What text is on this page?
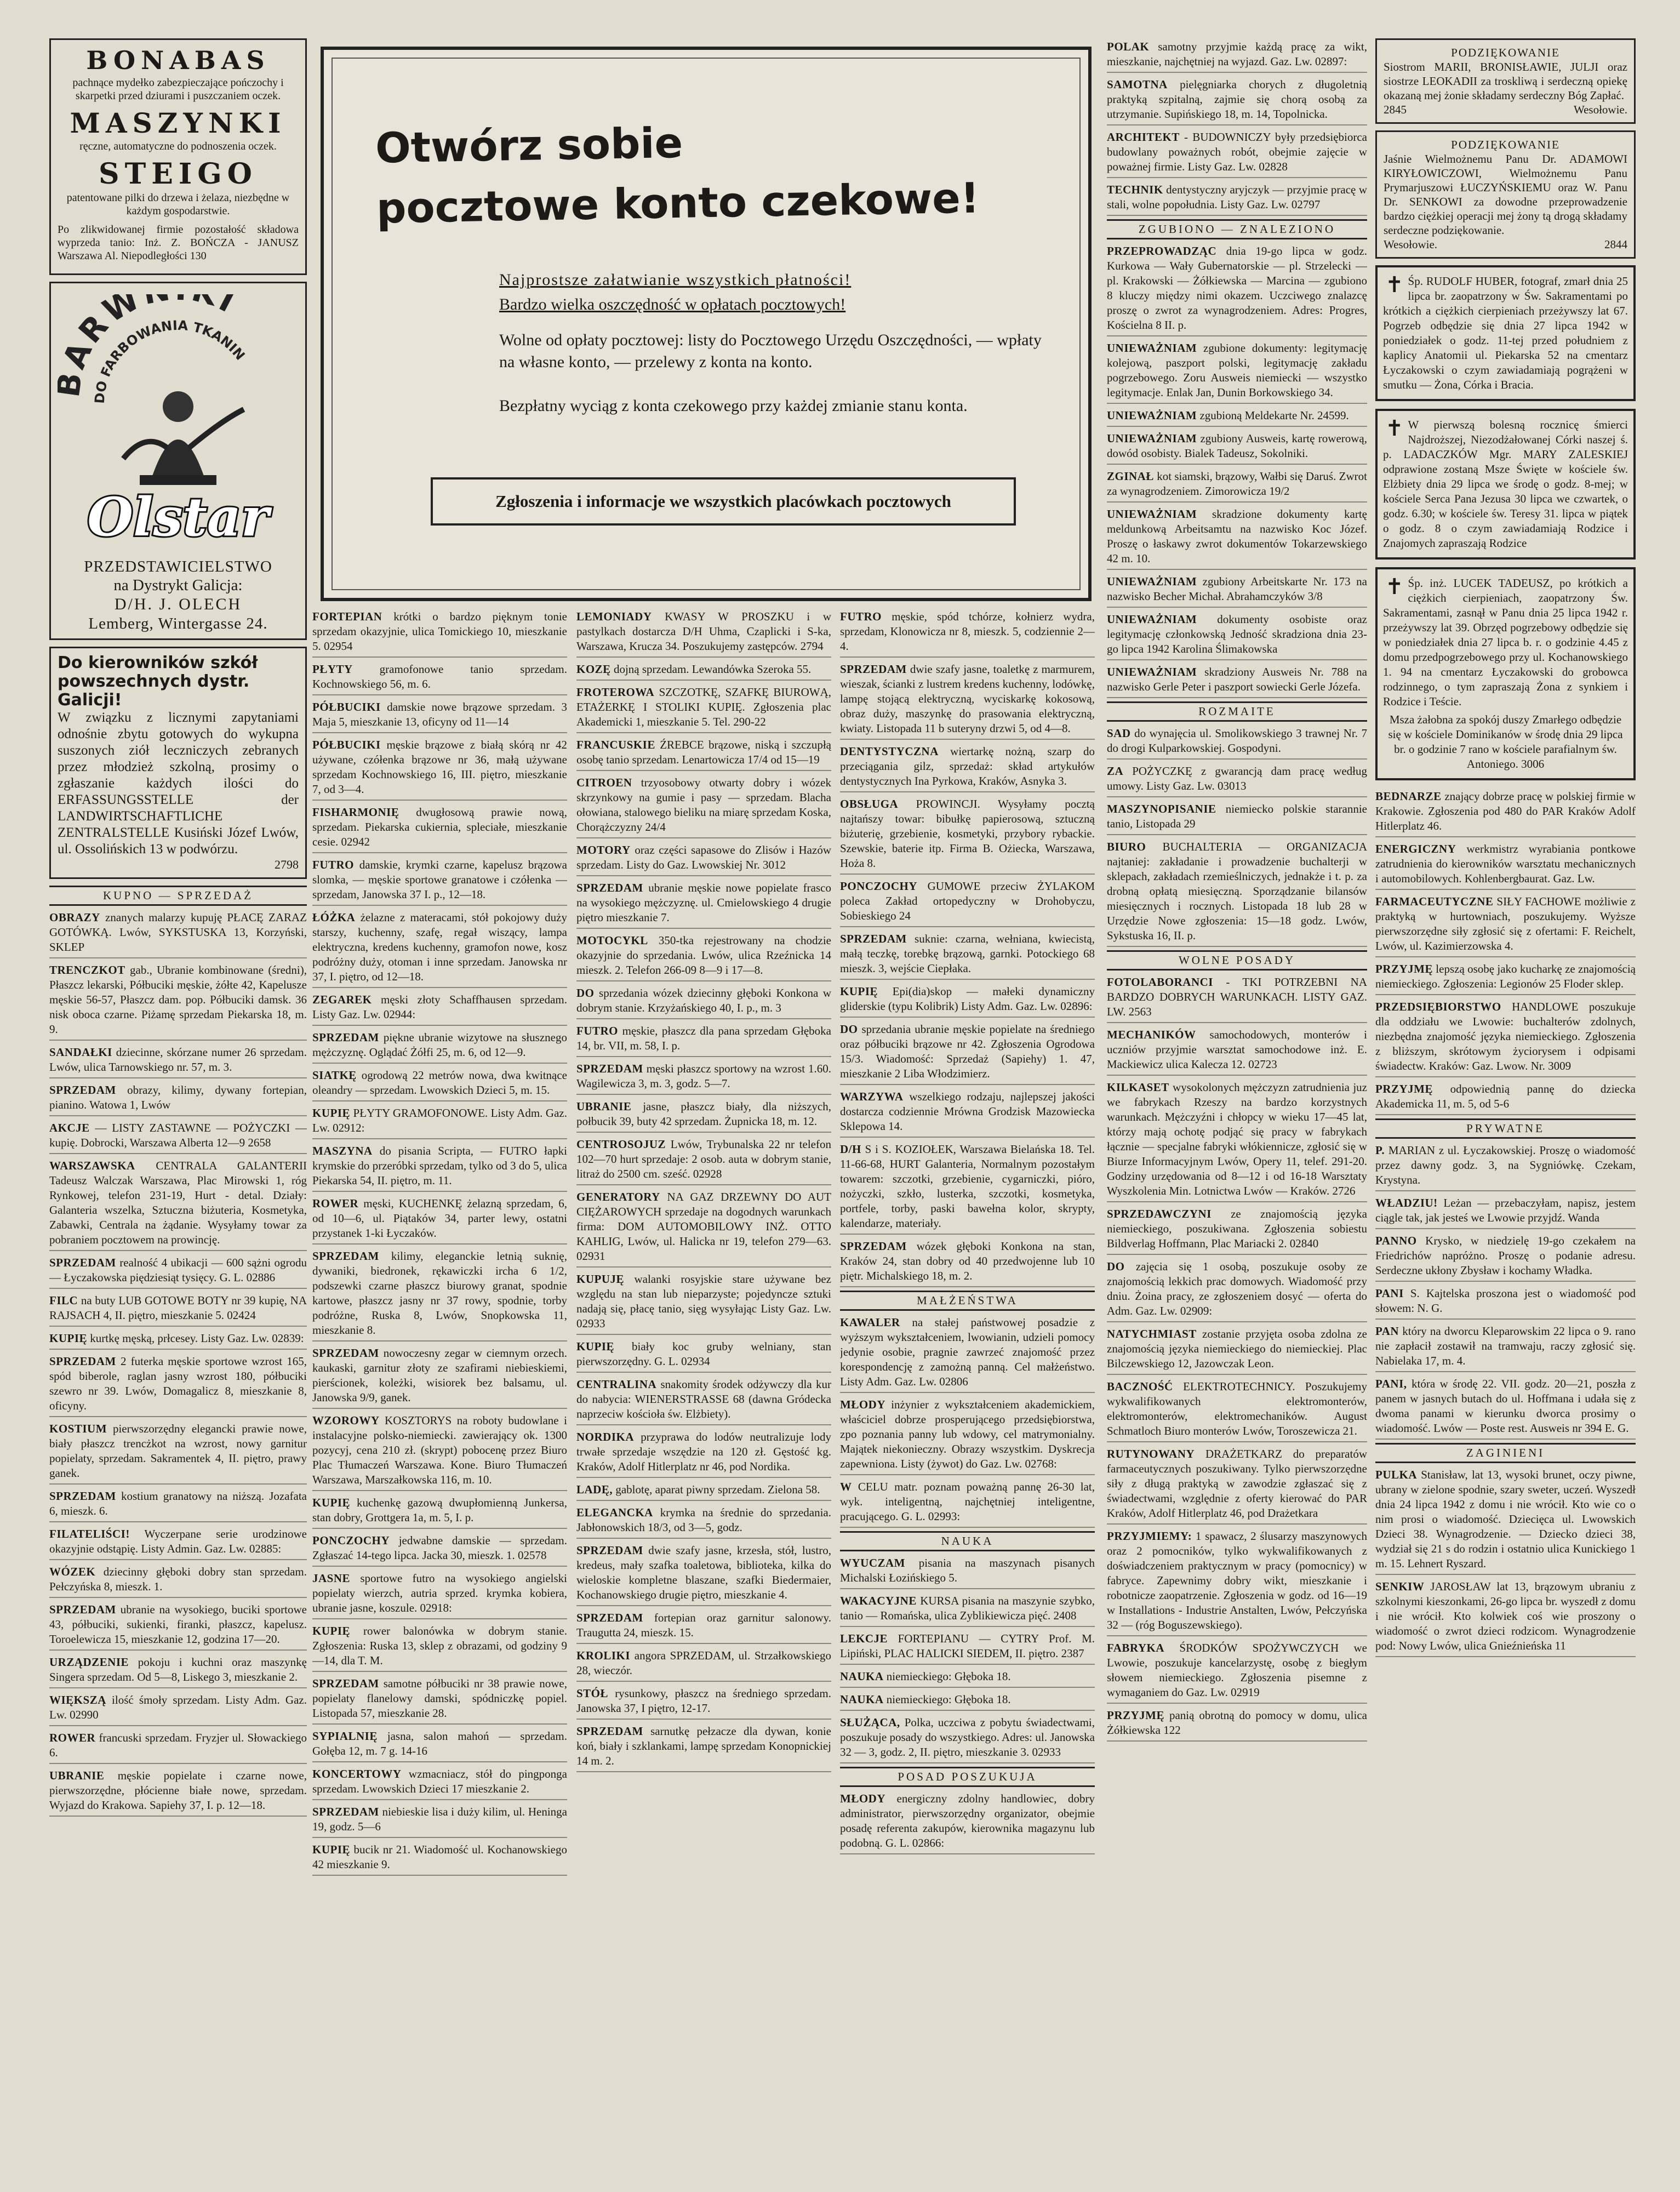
BONABAS
pachnące mydełko zabezpieczające pończochy i skarpetki przed dziurami i puszczaniem oczek.
MASZYNKI
ręczne, automatyczne do podnoszenia oczek.
STEIGO
patentowane pilki do drzewa i żelaza, niezbędne w każdym gospodarstwie.
Po zlikwidowanej firmie pozostałość składowa wyprzeda tanio: Inż. Z. BOŃCZA - JANUSZ Warszawa Al. Niepodległości 130
ARW I
DO FARBOWANIA TKANIN
Olstar
PRZEDSTAWICIELSTWO
na Dystrykt Galicja:
D/H. J. OLECH
Lemberg, Wintergasse 24.
Do kierowników szkół powszechnych dystr. Galicji!
W związku z licznymi zapytaniami odnośnie zbytu gotowych do wykupna suszonych ziół leczniczych zebranych przez młodzież szkolną, prosimy o zgłaszanie każdych ilości do ERFASSUNGSSTELLE der LANDWIRTSCHAFTLICHE ZENTRALSTELLE Kusiński Józef Lwów, ul. Ossolińskich 13 w podwórzu.
2798
KUPNO — SPRZEDAŻ
OBRAZY znanych malarzy kupuję PŁACĘ ZARAZ GOTÓWKĄ. Lwów, SYKSTUSKA 13, Korzyński, SKLEP
TRENCZKOT gab., Ubranie kombinowane (średni), Płaszcz lekarski, Półbuciki męskie, żółte 42, Kapelusze męskie 56-57, Płaszcz dam. pop. Półbuciki damsk. 36 nisk oboca czarne. Piżamę sprzedam Piekarska 18, m. 9.
SANDAŁKI dziecinne, skórzane numer 26 sprzedam. Lwów, ulica Tarnowskiego nr. 57, m. 3.
SPRZEDAM obrazy, kilimy, dywany fortepian, pianino. Watowa 1, Lwów
AKCJE — LISTY ZASTAWNE — POŻYCZKI — kupię. Dobrocki, Warszawa Alberta 12—9 2658
WARSZAWSKA CENTRALA GALANTERII Tadeusz Walczak Warszawa, Plac Mirowski 1, róg Rynkowej, telefon 231-19, Hurt - detal. Działy: Galanteria wszelka, Sztuczna biżuteria, Kosmetyka, Zabawki, Centrala na żądanie. Wysyłamy towar za pobraniem pocztowem na prowincję.
SPRZEDAM realność 4 ubikacji — 600 sążni ogrodu — Łyczakowska piędziesiąt tysięcy. G. L. 02886
FILC na buty LUB GOTOWE BOTY nr 39 kupię, NA RAJSACH 4, II. piętro, mieszkanie 5. 02424
KUPIĘ kurtkę męską, prłcesey. Listy Gaz. Lw. 02839:
SPRZEDAM 2 futerka męskie sportowe wzrost 165, spód biberole, raglan jasny wzrost 180, półbuciki szewro nr 39. Lwów, Domagalicz 8, mieszkanie 8, oficyny.
KOSTIUM pierwszorzędny elegancki prawie nowe, biały płaszcz trencżkot na wzrost, nowy garnitur popielaty, sprzedam. Sakramentek 4, II. piętro, prawy ganek.
SPRZEDAM kostium granatowy na niższą. Jozafata 6, mieszk. 6.
FILATELIŚCI! Wyczerpane serie urodzinowe okazyjnie odstąpię. Listy Admin. Gaz. Lw. 02885:
WÓZEK dziecinny głęboki dobry stan sprzedam. Pełczyńska 8, mieszk. 1.
SPRZEDAM ubranie na wysokiego, buciki sportowe 43, półbuciki, sukienki, firanki, płaszcz, kapelusz. Toroelewicza 15, mieszkanie 12, godzina 17—20.
URZĄDZENIE pokoju i kuchni oraz maszynkę Singera sprzedam. Od 5—8, Liskego 3, mieszkanie 2.
WIĘKSZĄ ilość śmoły sprzedam. Listy Adm. Gaz. Lw. 02990
ROWER francuski sprzedam. Fryzjer ul. Słowackiego 6.
UBRANIE męskie popielate i czarne nowe, pierwszorzędne, płócienne białe nowe, sprzedam. Wyjazd do Krakowa. Sapiehy 37, I. p. 12—18.
Otwórz sobie
pocztowe konto czekowe!
Najprostsze załatwianie wszystkich płatności!
Bardzo wielka oszczędność w opłatach pocztowych!
Wolne od opłaty pocztowej: listy do Pocztowego Urzędu Oszczędności, — wpłaty na własne konto, — przelewy z konta na konto.
Bezpłatny wyciąg z konta czekowego przy każdej zmianie stanu konta.
Zgłoszenia i informacje we wszystkich placówkach pocztowych
FORTEPIAN krótki o bardzo pięknym tonie sprzedam okazyjnie, ulica Tomickiego 10, mieszkanie 5. 02954
PŁYTY gramofonowe tanio sprzedam. Kochnowskiego 56, m. 6.
PÓŁBUCIKI damskie nowe brązowe sprzedam. 3 Maja 5, mieszkanie 13, oficyny od 11—14
PÓŁBUCIKI męskie brązowe z białą skórą nr 42 używane, czółenka brązowe nr 36, małą używane sprzedam Kochnowskiego 16, III. piętro, mieszkanie 7, od 3—4.
FISHARMONIĘ dwugłosową prawie nową, sprzedam. Piekarska cukiernia, spleciałe, mieszkanie cesie. 02942
FUTRO damskie, krymki czarne, kapelusz brązowa slomka, — męskie sportowe granatowe i czółenka — sprzedam, Janowska 37 I. p., 12—18.
ŁÓŻKA żelazne z materacami, stół pokojowy duży starszy, kuchenny, szafę, regał wiszący, lampa elektryczna, kredens kuchenny, gramofon nowe, kosz podróżny duży, otoman i inne sprzedam. Janowska nr 37, I. piętro, od 12—18.
ZEGAREK męski złoty Schaffhausen sprzedam. Listy Gaz. Lw. 02944:
SPRZEDAM piękne ubranie wizytowe na słusznego mężczyznę. Oglądać Żółfi 25, m. 6, od 12—9.
SIATKĘ ogrodową 22 metrów nowa, dwa kwitnące oleandry — sprzedam. Lwowskich Dzieci 5, m. 15.
KUPIĘ PŁYTY GRAMOFONOWE. Listy Adm. Gaz. Lw. 02912:
MASZYNA do pisania Scripta, — FUTRO łapki krymskie do przeróbki sprzedam, tylko od 3 do 5, ulica Piekarska 54, II. piętro, m. 11.
ROWER męski, KUCHENKĘ żelazną sprzedam, 6, od 10—6, ul. Piątaków 34, parter lewy, ostatni przystanek 1-ki Łyczaków.
SPRZEDAM kilimy, eleganckie letnią suknię, dywaniki, biedronek, rękawiczki ircha 6 1/2, podszewki czarne płaszcz biurowy granat, spodnie kartowe, płaszcz jasny nr 37 rowy, spodnie, torby podróżne, Ruska 8, Lwów, Snopkowska 11, mieszkanie 8.
SPRZEDAM nowoczesny zegar w ciemnym orzech. kaukaski, garnitur złoty ze szafirami niebieskiemi, pierścionek, koleżki, wisiorek bez balsamu, ul. Janowska 9/9, ganek.
WZOROWY KOSZTORYS na roboty budowlane i instalacyjne polsko-niemiecki. zawierający ok. 1300 pozycyj, cena 210 zł. (skrypt) pobocenę przez Biuro Plac Tłumaczeń Warszawa. Kone. Biuro Tłumaczeń Warszawa, Marszałkowska 116, m. 10.
KUPIĘ kuchenkę gazową dwupłomienną Junkersa, stan dobry, Grottgera 1a, m. 5, I. p.
PONCZOCHY jedwabne damskie — sprzedam. Zgłaszać 14-tego lipca. Jacka 30, mieszk. 1. 02578
JASNE sportowe futro na wysokiego angielski popielaty wierzch, autria sprzed. krymka kobiera, ubranie jasne, koszule. 02918:
KUPIĘ rower balonówka w dobrym stanie. Zgłoszenia: Ruska 13, sklep z obrazami, od godziny 9—14, dla T. M.
SPRZEDAM samotne półbuciki nr 38 prawie nowe, popielaty flanelowy damski, spódniczkę popiel. Listopada 57, mieszkanie 28.
SYPIALNIĘ jasna, salon mahoń — sprzedam. Gołęba 12, m. 7 g. 14-16
KONCERTOWY wzmacniacz, stół do pingponga sprzedam. Lwowskich Dzieci 17 mieszkanie 2.
SPRZEDAM niebieskie lisa i duży kilim, ul. Heninga 19, godz. 5—6
KUPIĘ bucik nr 21. Wiadomość ul. Kochanowskiego 42 mieszkanie 9.
LEMONIADY KWASY W PROSZKU i w pastylkach dostarcza D/H Uhma, Czaplicki i S-ka, Warszawa, Krucza 34. Poszukujemy zastępców. 2794
KOZĘ dojną sprzedam. Lewandówka Szeroka 55.
FROTEROWA SZCZOTKĘ, SZAFKĘ BIUROWĄ, ETAŻERKĘ I STOLIKI KUPIĘ. Zgłoszenia plac Akademicki 1, mieszkanie 5. Tel. 290-22
FRANCUSKIE ŹREBCE brązowe, niską i szczupłą osobę tanio sprzedam. Lenartowicza 17/4 od 15—19
CITROEN trzyosobowy otwarty dobry i wózek skrzynkowy na gumie i pasy — sprzedam. Blacha ołowiana, stalowego bieliku na miarę sprzedam Koska, Chorążczyzny 24/4
MOTORY oraz części sapasowe do Zlisów i Hazów sprzedam. Listy do Gaz. Lwowskiej Nr. 3012
SPRZEDAM ubranie męskie nowe popielate frasco na wysokiego mężczyznę. ul. Cmielowskiego 4 drugie piętro mieszkanie 7.
MOTOCYKL 350-tka rejestrowany na chodzie okazyjnie do sprzedania. Lwów, ulica Rzeźnicka 14 mieszk. 2. Telefon 266-09 8—9 i 17—8.
DO sprzedania wózek dziecinny głęboki Konkona w dobrym stanie. Krzyżańskiego 40, I. p., m. 3
FUTRO męskie, płaszcz dla pana sprzedam Głęboka 14, br. VII, m. 58, I. p.
SPRZEDAM męski płaszcz sportowy na wzrost 1.60. Wagilewicza 3, m. 3, godz. 5—7.
UBRANIE jasne, płaszcz biały, dla niższych, połbucik 39, buty 42 sprzedam. Żupnicka 18, m. 12.
CENTROSOJUZ Lwów, Trybunalska 22 nr telefon 102—70 hurt sprzedaje: 2 osob. auta w dobrym stanie, litraż do 2500 cm. sześć. 02928
GENERATORY NA GAZ DRZEWNY DO AUT CIĘŻAROWYCH sprzedaje na dogodnych warunkach firma: DOM AUTOMOBILOWY INŻ. OTTO KAHLIG, Lwów, ul. Halicka nr 19, telefon 279—63. 02931
KUPUJĘ walanki rosyjskie stare używane bez względu na stan lub nieparzyste; pojedyncze sztuki nadają się, płacę tanio, sięg wysyłając Listy Gaz. Lw. 02933
KUPIĘ biały koc gruby welniany, stan pierwszorzędny. G. L. 02934
CENTRALINA snakomity środek odżywczy dla kur do nabycia: WIENERSTRASSE 68 (dawna Gródecka naprzeciw kościoła św. Elżbiety).
NORDIKA przyprawa do lodów neutralizuje lody trwałe sprzedaje wszędzie na 120 zł. Gęstość kg. Kraków, Adolf Hitlerplatz nr 46, pod Nordika.
LADĘ, gablotę, aparat piwny sprzedam. Zielona 58.
ELEGANCKA krymka na średnie do sprzedania. Jabłonowskich 18/3, od 3—5, godz.
SPRZEDAM dwie szafy jasne, krzesła, stół, lustro, kredeus, mały szafka toaletowa, biblioteka, kilka do wieloskie kompletne blaszane, szafki Biedermaier, Kochanowskiego drugie piętro, mieszkanie 4.
SPRZEDAM fortepian oraz garnitur salonowy. Traugutta 24, mieszk. 15.
KROLIKI angora SPRZEDAM, ul. Strzałkowskiego 28, wieczór.
STÓŁ rysunkowy, płaszcz na średniego sprzedam. Janowska 37, I piętro, 12-17.
SPRZEDAM sarnutkę pełzacze dla dywan, konie koń, biały i szklankami, lampę sprzedam Konopnickiej 14 m. 2.
FUTRO męskie, spód tchórze, kołnierz wydra, sprzedam, Klonowicza nr 8, mieszk. 5, codziennie 2—4.
SPRZEDAM dwie szafy jasne, toaletkę z marmurem, wieszak, ścianki z lustrem kredens kuchenny, lodówkę, lampę stojącą elektryczną, wyciskarkę kokosową, obraz duży, maszynkę do prasowania elektryczną, kwiaty. Listopada 11 b suteryny drzwi 5, od 4—8.
DENTYSTYCZNA wiertarkę nożną, szarp do przeciągania gilz, sprzedaż: skład artykułów dentystycznych Ina Pyrkowa, Kraków, Asnyka 3.
OBSŁUGA PROWINCJI. Wysyłamy pocztą najtańszy towar: bibułkę papierosową, sztuczną biżuterię, grzebienie, kosmetyki, przybory rybackie. Szewskie, baterie itp. Firma B. Ożiecka, Warszawa, Hoża 8.
PONCZOCHY GUMOWE przeciw ŻYLAKOM poleca Zakład ortopedyczny w Drohobyczu, Sobieskiego 24
SPRZEDAM suknie: czarna, wełniana, kwiecistą, małą teczkę, torebkę brązową, garnki. Potockiego 68 mieszk. 3, wejście Ciepłaka.
KUPIĘ Epi(dia)skop — małeki dynamiczny gliderskie (typu Kolibrik) Listy Adm. Gaz. Lw. 02896:
DO sprzedania ubranie męskie popielate na średniego oraz półbuciki brązowe nr 42. Zgłoszenia Ogrodowa 15/3. Wiadomość: Sprzedaż (Sapiehy) 1. 47, mieszkanie 2 Liba Włodzimierz.
WARZYWA wszelkiego rodzaju, najlepszej jakości dostarcza codziennie Mrówna Grodzisk Mazowiecka Sklepowa 14.
D/H S i S. KOZIOŁEK, Warszawa Bielańska 18. Tel. 11-66-68, HURT Galanteria, Normalnym pozostałym towarem: szczotki, grzebienie, cygarniczki, pióro, nożyczki, szkło, lusterka, szczotki, kosmetyka, portfele, torby, paski bawełna kolor, skrypty, kalendarze, materiały.
SPRZEDAM wózek głęboki Konkona na stan, Kraków 24, stan dobry od 40 przedwojenne lub 10 piętr. Michalskiego 18, m. 2.
MAŁŻEŃSTWA
KAWALER na stałej państwowej posadzie z wyższym wykształceniem, lwowianin, udzieli pomocy jedynie osobie, pragnie zawrzeć znajomość przez korespondencję z zamożną panną. Cel małżeństwo. Listy Adm. Gaz. Lw. 02806
MŁODY inżynier z wykształceniem akademickiem, właściciel dobrze prosperującego przedsiębiorstwa, zpo poznania panny lub wdowy, cel matrymonialny. Majątek niekonieczny. Obrazy wszystkim. Dyskrecja zapewniona. Listy (żywot) do Gaz. Lw. 02768:
W CELU matr. poznam poważną pannę 26-30 lat, wyk. inteligentną, najchętniej inteligentne, pracującego. G. L. 02993:
NAUKA
WYUCZAM pisania na maszynach pisanych Michalski Łozińskiego 5.
WAKACYJNE KURSA pisania na maszynie szybko, tanio — Romańska, ulica Zyblikiewicza pięć. 2408
LEKCJE FORTEPIANU — CYTRY Prof. M. Lipiński, PLAC HALICKI SIEDEM, II. piętro. 2387
NAUKA niemieckiego: Głęboka 18.
NAUKA niemieckiego: Głęboka 18.
SŁUŻĄCA, Polka, uczciwa z pobytu świadectwami, poszukuje posady do wszystkiego. Adres: ul. Janowska 32 — 3, godz. 2, II. piętro, mieszkanie 3. 02933
POSAD POSZUKUJA
MŁODY energiczny zdolny handlowiec, dobry administrator, pierwszorzędny organizator, obejmie posadę referenta zakupów, kierownika magazynu lub podobną. G. L. 02866:
POLAK samotny przyjmie każdą pracę za wikt, mieszkanie, najchętniej na wyjazd. Gaz. Lw. 02897:
SAMOTNA pielęgniarka chorych z długoletnią praktyką szpitalną, zajmie się chorą osobą za utrzymanie. Supińskiego 18, m. 14, Topolnicka.
ARCHITEKT - BUDOWNICZY były przedsiębiorca budowlany poważnych robót, obejmie zajęcie w poważnej firmie. Listy Gaz. Lw. 02828
TECHNIK dentystyczny aryjczyk — przyjmie pracę w stali, wolne popołudnia. Listy Gaz. Lw. 02797
ZGUBIONO — ZNALEZIONO
PRZEPROWADZĄC dnia 19-go lipca w godz. Kurkowa — Wały Gubernatorskie — pl. Strzelecki — pl. Krakowski — Żółkiewska — Marcina — zgubiono 8 kluczy między nimi okazem. Uczciwego znalazcę proszę o zwrot za wynagrodzeniem. Adres: Progres, Kościelna 8 II. p.
UNIEWAŻNIAM zgubione dokumenty: legitymację kolejową, paszport polski, legitymację zakładu pogrzebowego. Zoru Ausweis niemiecki — wszystko legitymacje. Enlak Jan, Dunin Borkowskiego 34.
UNIEWAŻNIAM zgubioną Meldekarte Nr. 24599.
UNIEWAŻNIAM zgubiony Ausweis, kartę rowerową, dowód osobisty. Bialek Tadeusz, Sokolniki.
ZGINAŁ kot siamski, brązowy, Wałbi się Daruś. Zwrot za wynagrodzeniem. Zimorowicza 19/2
UNIEWAŻNIAM skradzione dokumenty kartę meldunkową Arbeitsamtu na nazwisko Koc Józef. Proszę o łaskawy zwrot dokumentów Tokarzewskiego 42 m. 10.
UNIEWAŻNIAM zgubiony Arbeitskarte Nr. 173 na nazwisko Becher Michał. Abrahamczyków 3/8
UNIEWAŻNIAM dokumenty osobiste oraz legitymację członkowską Jedność skradziona dnia 23-go lipca 1942 Karolina Ślimakowska
UNIEWAŻNIAM skradziony Ausweis Nr. 788 na nazwisko Gerle Peter i paszport sowiecki Gerle Józefa.
ROZMAITE
SAD do wynajęcia ul. Smolikowskiego 3 trawnej Nr. 7 do drogi Kulparkowskiej. Gospodyni.
ZA POŻYCZKĘ z gwarancją dam pracę według umowy. Listy Gaz. Lw. 03013
MASZYNOPISANIE niemiecko polskie starannie tanio, Listopada 29
BIURO BUCHALTERIA — ORGANIZACJA najtaniej: zakładanie i prowadzenie buchalterji w sklepach, zakładach rzemieślniczych, jednakże i t. p. za drobną opłatą miesięczną. Sporządzanie bilansów miesięcznych i rocznych. Listopada 18 lub 28 w Urzędzie Nowe zgłoszenia: 15—18 godz. Lwów, Sykstuska 16, II. p.
WOLNE POSADY
FOTOLABORANCI - TKI POTRZEBNI NA BARDZO DOBRYCH WARUNKACH. LISTY GAZ. LW. 2563
MECHANIKÓW samochodowych, monterów i uczniów przyjmie warsztat samochodowe inż. E. Mackiewicz ulica Kalecza 12. 02723
KILKASET wysokolonych mężczyzn zatrudnienia juz we fabrykach Rzeszy na bardzo korzystnych warunkach. Mężczyźni i chłopcy w wieku 17—45 lat, którzy mają ochotę podjąć się pracy w fabrykach łącznie — specjalne fabryki włókiennicze, zgłosić się w Biurze Informacyjnym Lwów, Opery 11, telef. 291-20. Godziny urzędowania od 8—12 i od 16-18 Warsztaty Wyszkolenia Min. Lotnictwa Lwów — Kraków. 2726
SPRZEDAWCZYNI ze znajomością języka niemieckiego, poszukiwana. Zgłoszenia sobiestu Bildverlag Hoffmann, Plac Mariacki 2. 02840
DO zajęcia się 1 osobą, poszukuje osoby ze znajomością lekkich prac domowych. Wiadomość przy dniu. Żoina pracy, ze zgłoszeniem dosyć — oferta do Adm. Gaz. Lw. 02909:
NATYCHMIAST zostanie przyjęta osoba zdolna ze znajomością języka niemieckiego do niemieckiej. Plac Bilczewskiego 12, Jazowczak Leon.
BACZNOŚĆ ELEKTROTECHNICY. Poszukujemy wykwalifikowanych elektromonterów, elektromonterów, elektromechaników. August Schmatloch Biuro monterów Lwów, Toroszewicza 21.
RUTYNOWANY DRAŻETKARZ do preparatów farmaceutycznych poszukiwany. Tylko pierwszorzędne siły z długą praktyką w zawodzie zgłaszać się z świadectwami, względnie z oferty kierować do PAR Kraków, Adolf Hitlerplatz 46, pod Drażetkara
PRZYJMIEMY: 1 spawacz, 2 ślusarzy maszynowych oraz 2 pomocników, tylko wykwalifikowanych z doświadczeniem praktycznym w pracy (pomocnicy) w fabryce. Zapewnimy dobry wikt, mieszkanie i robotnicze zaopatrzenie. Zgłoszenia w godz. od 16—19 w Installations - Industrie Anstalten, Lwów, Pełczyńska 32 — (róg Boguszewskiego).
FABRYKA ŚRODKÓW SPOŻYWCZYCH we Lwowie, poszukuje kancelarzystę, osobę z biegłym słowem niemieckiego. Zgłoszenia pisemne z wymaganiem do Gaz. Lw. 02919
PRZYJMĘ panią obrotną do pomocy w domu, ulica Żółkiewska 122
PODZIĘKOWANIE
Siostrom MARII, BRONISŁAWIE, JULJI oraz siostrze LEOKADII za troskliwą i serdeczną opiekę okazaną mej żonie składamy serdeczny Bóg Zapłać.
2845	Wesołowie.
PODZIĘKOWANIE
Jaśnie Wielmożnemu Panu Dr. ADAMOWI KIRYŁOWICZOWI, Wielmożnemu Panu Prymarjuszowi ŁUCZYŃSKIEMU oraz W. Panu Dr. SENKOWI za dowodne przeprowadzenie bardzo ciężkiej operacji mej żony tą drogą składamy serdeczne podziękowanie.
Wesołowie.	2844
✝ Śp. RUDOLF HUBER, fotograf, zmarł dnia 25 lipca br. zaopatrzony w Św. Sakramentami po krótkich a ciężkich cierpieniach przeżywszy lat 67. Pogrzeb odbędzie się dnia 27 lipca 1942 w poniedziałek o godz. 11-tej przed południem z kaplicy Anatomii ul. Piekarska 52 na cmentarz Łyczakowski o czym zawiadamiają pogrążeni w smutku — Żona, Córka i Bracia.
✝ W pierwszą bolesną rocznicę śmierci Najdroższej, Niezodżałowanej Córki naszej ś. p. LADACZKÓW Mgr. MARY ZALESKIEJ odprawione zostaną Msze Święte w kościele św. Elżbiety dnia 29 lipca we środę o godz. 8-mej; w kościele Serca Pana Jezusa 30 lipca we czwartek, o godz. 6.30; w kościele św. Teresy 31. lipca w piątek o godz. 8 o czym zawiadamiają Rodzice i Znajomych zapraszają Rodzice
✝ Śp. inż. LUCEK TADEUSZ, po krótkich a ciężkich cierpieniach, zaopatrzony Św. Sakramentami, zasnął w Panu dnia 25 lipca 1942 r. przeżywszy lat 39. Obrzęd pogrzebowy odbędzie się w poniedziałek dnia 27 lipca b. r. o godzinie 4.45 z domu przedpogrzebowego przy ul. Kochanowskiego 1. 94 na cmentarz Łyczakowski do grobowca rodzinnego, o tym zapraszają Żona z synkiem i Rodzice i Teście.
Msza żałobna za spokój duszy Zmarłego odbędzie się w kościele Dominikanów w środę dnia 29 lipca br. o godzinie 7 rano w kościele parafialnym św. Antoniego. 3006
BEDNARZE znający dobrze pracę w polskiej firmie w Krakowie. Zgłoszenia pod 480 do PAR Kraków Adolf Hitlerplatz 46.
ENERGICZNY werkmistrz wyrabiania pontkowe zatrudnienia do kierowników warsztatu mechanicznych i automobilowych. Kohlenbergbaurat. Gaz. Lw.
FARMACEUTYCZNE SIŁY FACHOWE możliwie z praktyką w hurtowniach, poszukujemy. Wyższe pierwszorzędne siły zgłosić się z ofertami: F. Reichelt, Lwów, ul. Kazimierzowska 4.
PRZYJMĘ lepszą osobę jako kucharkę ze znajomością niemieckiego. Zgłoszenia: Legionów 25 Floder sklep.
PRZEDSIĘBIORSTWO HANDLOWE poszukuje dla oddziału we Lwowie: buchalterów zdolnych, niezbędna znajomość języka niemieckiego. Zgłoszenia z bliższym, skrótowym życiorysem i odpisami świadectw. Kraków: Gaz. Lwow. Nr. 3009
PRZYJMĘ odpowiednią pannę do dziecka Akademicka 11, m. 5, od 5-6
PRYWATNE
P. MARIAN z ul. Łyczakowskiej. Proszę o wiadomość przez dawny godz. 3, na Sygniówkę. Czekam, Krystyna.
WŁADZIU! Leżan — przebaczyłam, napisz, jestem ciągle tak, jak jesteś we Lwowie przyjdź. Wanda
PANNO Krysko, w niedzielę 19-go czekałem na Friedrichów napróżno. Proszę o podanie adresu. Serdeczne ukłony Zbysław i kochamy Władka.
PANI S. Kajtelska proszona jest o wiadomość pod słowem: N. G.
PAN który na dworcu Kleparowskim 22 lipca o 9. rano nie zapłacił zostawił na tramwaju, raczy zgłosić się. Nabielaka 17, m. 4.
PANI, która w środę 22. VII. godz. 20—21, poszła z panem w jasnych butach do ul. Hoffmana i udała się z dwoma panami w kierunku dworca prosimy o wiadomość. Lwów — Poste rest. Ausweis nr 394 E. G.
ZAGINIENI
PULKA Stanisław, lat 13, wysoki brunet, oczy piwne, ubrany w zielone spodnie, szary sweter, uczeń. Wyszedł dnia 24 lipca 1942 z domu i nie wrócił. Kto wie co o nim prosi o wiadomość. Dziecięca ul. Lwowskich Dzieci 38. Wynagrodzenie. — Dziecko dzieci 38, wydział się 21 s do rodzin i ostatnio ulica Kunickiego 1 m. 15. Lehnert Ryszard.
SENKIW JAROSŁAW lat 13, brązowym ubraniu z szkolnymi kieszonkami, 26-go lipca br. wyszedł z domu i nie wrócił. Kto kolwiek coś wie proszony o wiadomość o zwrot dzieci rodzicom. Wynagrodzenie pod: Nowy Lwów, ulica Gnieźnieńska 11
